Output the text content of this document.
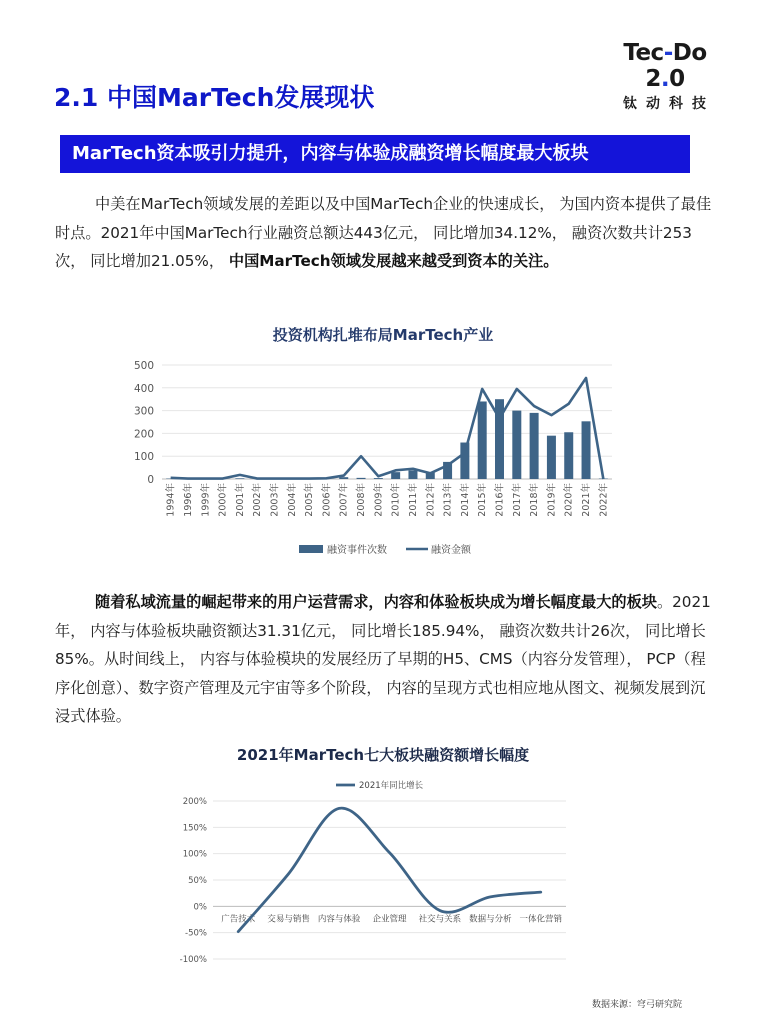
Tec-Do 2.0
钛动科技
2.1 中国MarTech发展现状
MarTech资本吸引力提升，内容与体验成融资增长幅度最大板块

中美在MarTech领域发展的差距以及中国MarTech企业的快速成长， 为国内资本提供了最佳时点。2021年中国MarTech行业融资总额达443亿元， 同比增加34.12%， 融资次数共计253次， 同比增加21.05%， 中国MarTech领域发展越来越受到资本的关注。

投资机构扎堆布局MarTech产业
0
100
200
300
400
500
1994年 1996年 1999年 2000年 2001年 2002年 2003年 2004年 2005年 2006年 2007年 2008年 2009年 2010年 2011年 2012年 2013年 2014年 2015年 2016年 2017年 2018年 2019年 2020年 2021年 2022年
融资事件次数	融资金额

随着私域流量的崛起带来的用户运营需求，内容和体验板块成为增长幅度最大的板块。2021年， 内容与体验板块融资额达31.31亿元， 同比增长185.94%， 融资次数共计26次， 同比增长85%。从时间线上， 内容与体验模块的发展经历了早期的H5、CMS（内容分发管理）， PCP（程序化创意）、数字资产管理及元宇宙等多个阶段， 内容的呈现方式也相应地从图文、视频发展到沉浸式体验。

2021年MarTech七大板块融资额增长幅度
200%
150%
100%
50%
0%
-50%
-100%
广告技术 交易与销售 内容与体验 企业管理 社交与关系 数据与分析 一体化营销
2021年同比增长
数据来源：穹弓研究院
